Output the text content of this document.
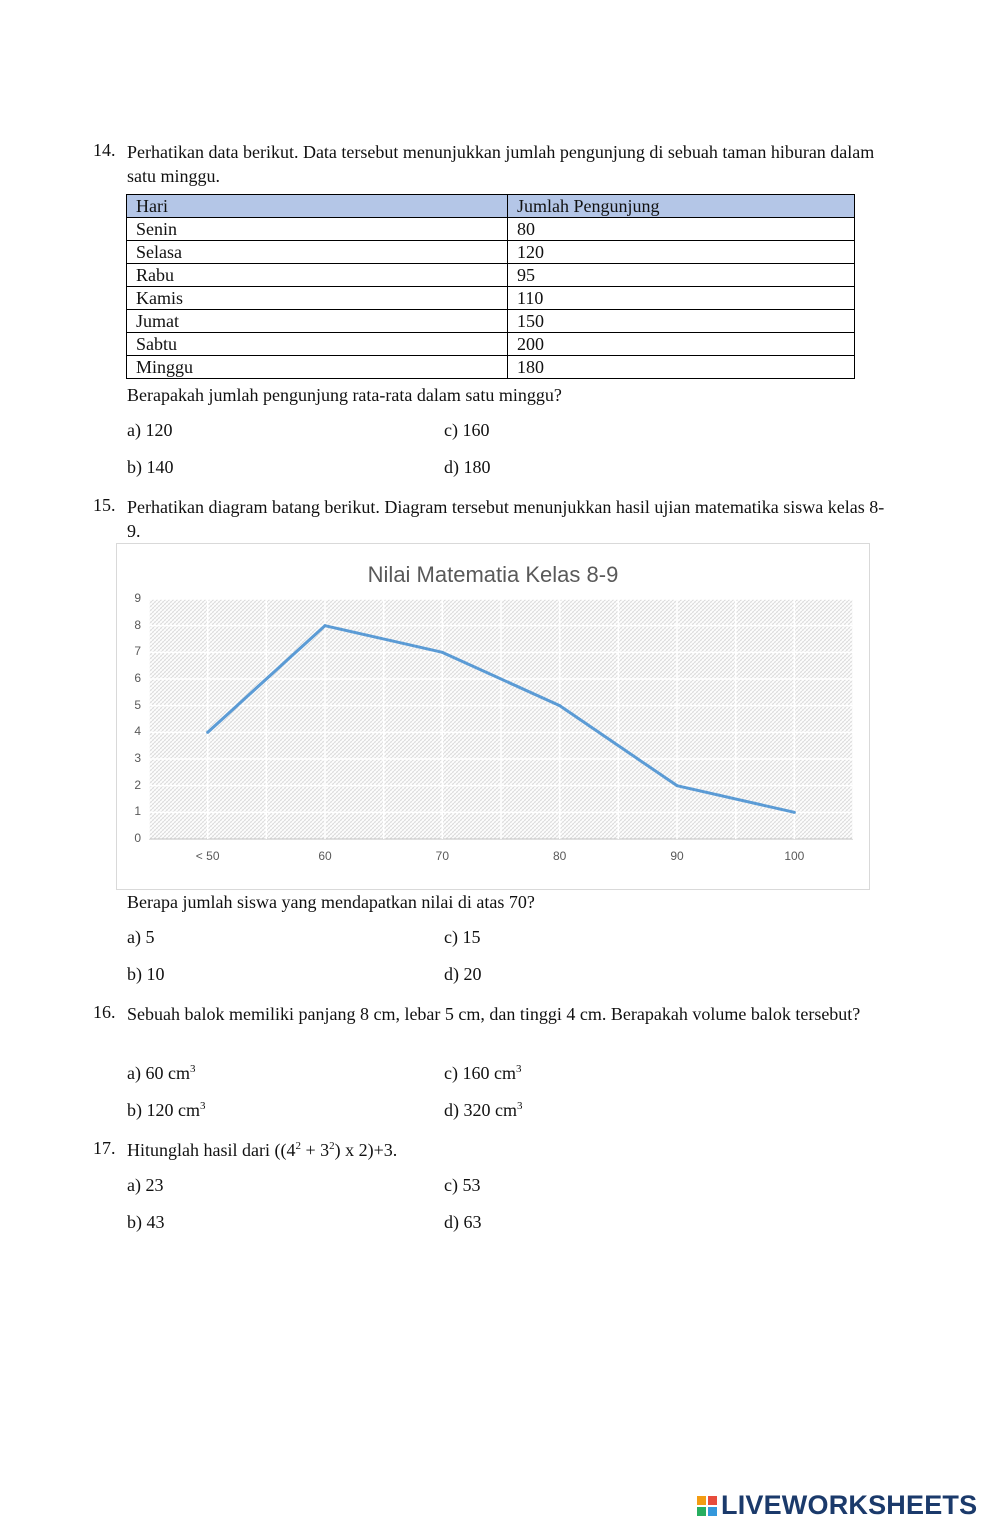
14. Perhatikan data berikut. Data tersebut menunjukkan jumlah pengunjung di sebuah taman hiburan dalam satu minggu.
Hari	Jumlah Pengunjung
Senin	80
Selasa	120
Rabu	95
Kamis	110
Jumat	150
Sabtu	200
Minggu	180
Berapakah jumlah pengunjung rata-rata dalam satu minggu?
a) 120	c) 160
b) 140	d) 180
15. Perhatikan diagram batang berikut. Diagram tersebut menunjukkan hasil ujian matematika siswa kelas 8-9.
Nilai Matematia Kelas 8-9
0
1
2
3
4
5
6
7
8
9
< 50	60	70	80	90	100
Berapa jumlah siswa yang mendapatkan nilai di atas 70?
a) 5	c) 15
b) 10	d) 20
16. Sebuah balok memiliki panjang 8 cm, lebar 5 cm, dan tinggi 4 cm. Berapakah volume balok tersebut?
a) 60 $cm^3$	c) 160 $cm^3$
b) 120 $cm^3$	d) 320 $cm^3$
17. Hitunglah hasil dari ($(4^2 + 3^2)$ x 2)+3.
a) 23	c) 53
b) 43	d) 63
LIVEWORKSHEETS
